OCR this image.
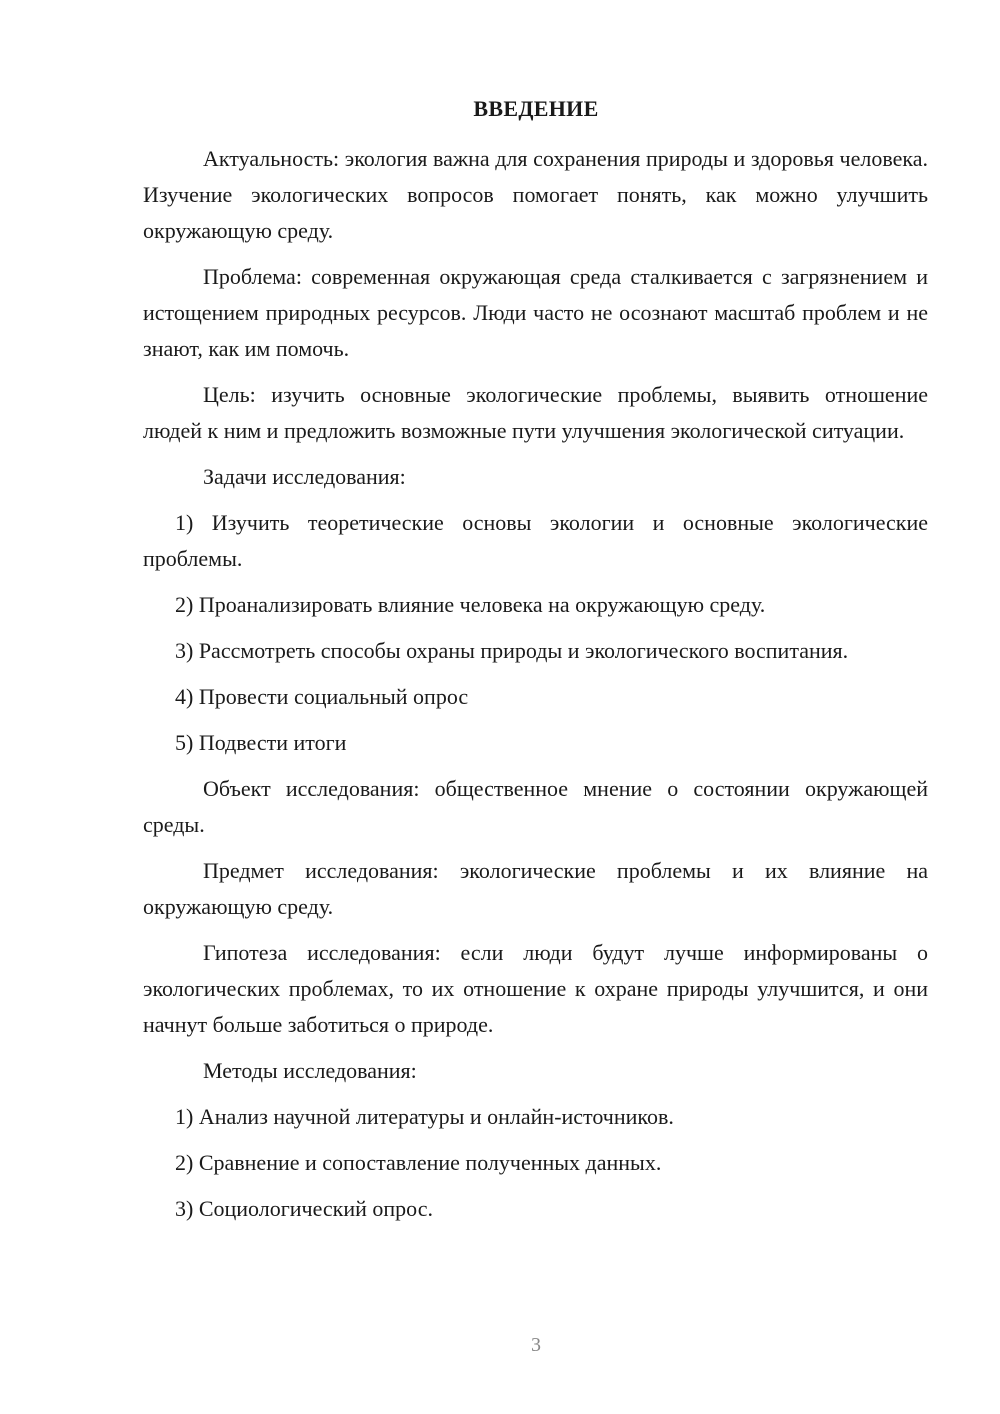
ВВЕДЕНИЕ

Актуальность: экология важна для сохранения природы и здоровья человека. Изучение экологических вопросов помогает понять, как можно улучшить окружающую среду.

Проблема: современная окружающая среда сталкивается с загрязнением и истощением природных ресурсов. Люди часто не осознают масштаб проблем и не знают, как им помочь.

Цель: изучить основные экологические проблемы, выявить отношение людей к ним и предложить возможные пути улучшения экологической ситуации.

Задачи исследования:

1) Изучить теоретические основы экологии и основные экологические проблемы.

2) Проанализировать влияние человека на окружающую среду.

3) Рассмотреть способы охраны природы и экологического воспитания.

4) Провести социальный опрос

5) Подвести итоги

Объект исследования: общественное мнение о состоянии окружающей среды.

Предмет исследования: экологические проблемы и их влияние на окружающую среду.

Гипотеза исследования: если люди будут лучше информированы о экологических проблемах, то их отношение к охране природы улучшится, и они начнут больше заботиться о природе.

Методы исследования:

1) Анализ научной литературы и онлайн-источников.

2) Сравнение и сопоставление полученных данных.

3) Социологический опрос.

3
